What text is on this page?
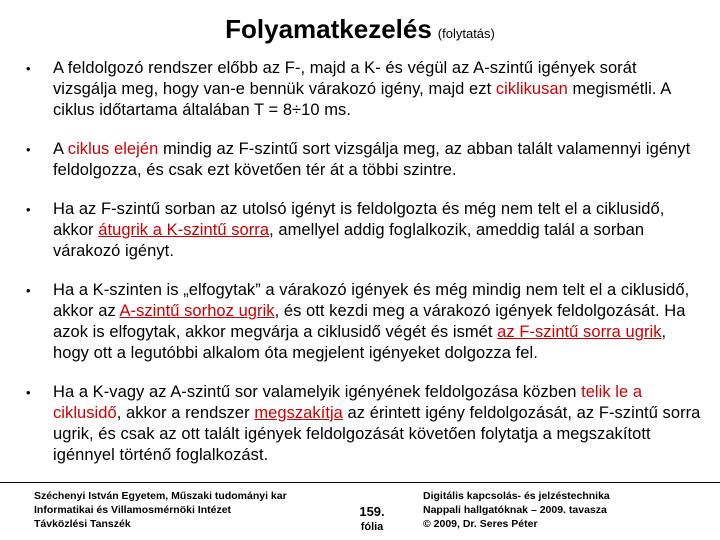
Folyamatkezelés (folytatás)
• A feldolgozó rendszer előbb az F-, majd a K- és végül az A-szintű igények sorát vizsgálja meg, hogy van-e bennük várakozó igény, majd ezt ciklikusan megismétli. A ciklus időtartama általában T = 8÷10 ms.
• A ciklus elején mindig az F-szintű sort vizsgálja meg, az abban talált valamennyi igényt feldolgozza, és csak ezt követően tér át a többi szintre.
• Ha az F-szintű sorban az utolsó igényt is feldolgozta és még nem telt el a ciklusidő, akkor átugrik a K-szintű sorra, amellyel addig foglalkozik, ameddig talál a sorban várakozó igényt.
• Ha a K-szinten is „elfogytak” a várakozó igények és még mindig nem telt el a ciklusidő, akkor az A-szintű sorhoz ugrik, és ott kezdi meg a várakozó igények feldolgozását. Ha azok is elfogytak, akkor megvárja a ciklusidő végét és ismét az F-szintű sorra ugrik, hogy ott a legutóbbi alkalom óta megjelent igényeket dolgozza fel.
• Ha a K-vagy az A-szintű sor valamelyik igényének feldolgozása közben telik le a ciklusidő, akkor a rendszer megszakítja az érintett igény feldolgozását, az F-szintű sorra ugrik, és csak az ott talált igények feldolgozását követően folytatja a megszakított igénnyel történő foglalkozást.
Széchenyi István Egyetem, Műszaki tudományi kar
Informatikai és Villamosmérnöki Intézet
Távközlési Tanszék
159.
fólia
Digitális kapcsolás- és jelzéstechnika
Nappali hallgatóknak – 2009. tavasza
© 2009, Dr. Seres Péter
